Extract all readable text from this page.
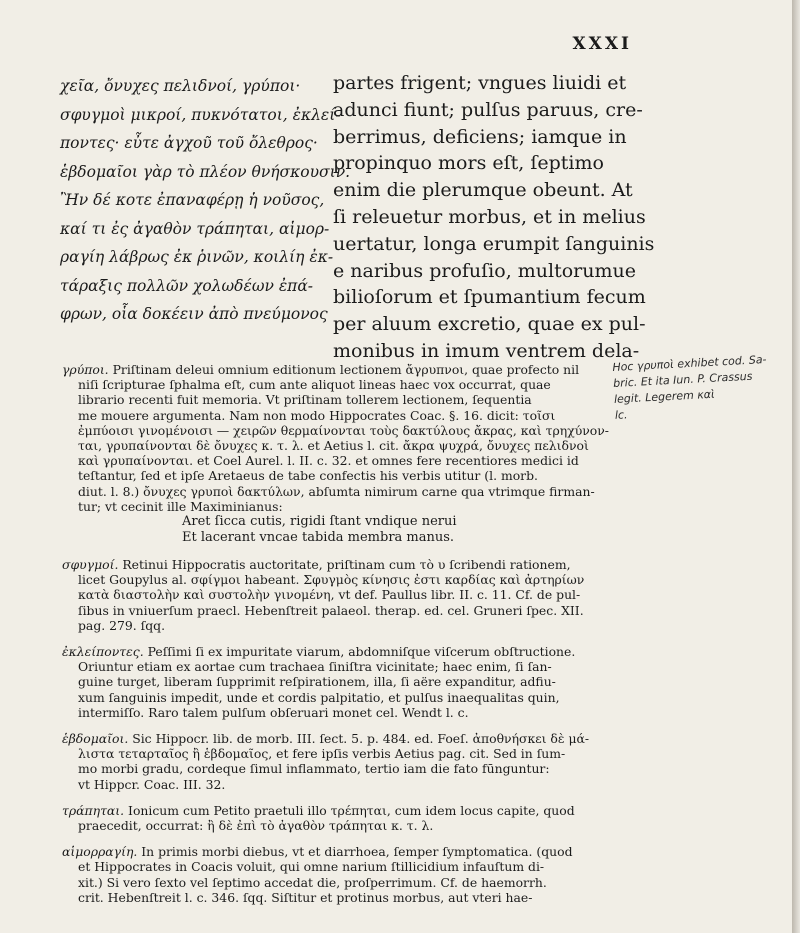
XXXI
χεῖα, ὄνυχες πελιδνοί, γρύποι·
σφυγμοὶ μικροί, πυκνότατοι, ἐκλεί-
ποντες· εὖτε ἀγχοῦ τοῦ ὄλεθρος·
ἑβδομαῖοι γὰρ τὸ πλέον θνήσκουσιν.
Ἢν δέ κοτε ἐπαναφέρῃ ἡ νοῦσος,
καί τι ἐς ἀγαθὸν τράπηται, αἱμορ-
ραγίη λάβρως ἐκ ῥινῶν, κοιλίη ἐκ-
τάραξις πολλῶν χολωδέων ἐπά-
φρων, οἷα δοκέειν ἀπὸ πνεύμονος
partes frigent; vngues liuidi et
adunci fiunt; pulſus paruus, cre-
berrimus, deficiens; iamque in
propinquo mors eſt, ſeptimo
enim die plerumque obeunt. At
ſi releuetur morbus, et in melius
uertatur, longa erumpit ſanguinis
e naribus profuſio, multorumue
bilioſorum et ſpumantium fecum
per aluum excretio, quae ex pul-
monibus in imum ventrem dela-
γρύποι. Priſtinam deleui omnium editionum lectionem ἄγρυπνοι, quae profecto nil
niſi ſcripturae ſphalma eſt, cum ante aliquot lineas haec vox occurrat, quae
librario recenti fuit memoria. Vt priſtinam tollerem lectionem, ſequentia
me mouere argumenta. Nam non modo Hippocrates Coac. §. 16. dicit: τοῖσι
ἐμπύοισι γινομένοισι — χειρῶν θερμαίνονται τοὺς δακτύλους ἄκρας, καὶ τρηχύνον-
ται, γρυπαίνονται δὲ ὄνυχες κ. τ. λ. et Aetius l. cit. ἄκρα ψυχρά, ὄνυχες πελιδνοὶ
καὶ γρυπαίνονται. et Coel Aurel. l. II. c. 32. et omnes fere recentiores medici id
teſtantur, ſed et ipſe Aretaeus de tabe confectis his verbis utitur (l. morb.
diut. l. 8.) ὄνυχες γρυποὶ δακτύλων, abſumta nimirum carne qua vtrimque firman-
tur; vt cecinit ille Maximinianus:
Aret ſicca cutis, rigidi ſtant vndique nerui
Et lacerant vncae tabida membra manus.
σφυγμοί. Retinui Hippocratis auctoritate, priſtinam cum τὸ υ ſcribendi rationem,
licet Goupylus al. σφίγμοι habeant. Σφυγμὸς κίνησις ἐστι καρδίας καὶ ἀρτηρίων
κατὰ διαστολὴν καὶ συστολὴν γινομένη, vt def. Paullus libr. II. c. 11. Cf. de pul-
ſibus in vniuerſum praecl. Hebenſtreit palaeol. therap. ed. cel. Gruneri ſpec. XII.
pag. 279. ſqq.
ἐκλείποντες. Peſſimi ſi ex impuritate viarum, abdomniſque viſcerum obſtructione.
Oriuntur etiam ex aortae cum trachaea ſiniſtra vicinitate; haec enim, ſi ſan-
guine turget, liberam ſupprimit reſpirationem, illa, ſi aëre expanditur, adfiu-
xum ſanguinis impedit, unde et cordis palpitatio, et pulſus inaequalitas quin,
intermiſſo. Raro talem pulſum obſeruari monet cel. Wendt l. c.
ἑβδομαῖοι. Sic Hippocr. lib. de morb. III. ſect. 5. p. 484. ed. Foeſ. ἀποθνήσκει δὲ μά-
λιστα τεταρταῖος ἢ ἑβδομαῖος, et fere ipſis verbis Aetius pag. cit. Sed in ſum-
mo morbi gradu, cordeque ſimul inflammato, tertio iam die fato fūnguntur:
vt Hippcr. Coac. III. 32.
τράπηται. Ionicum cum Petito praetuli illo τρέπηται, cum idem locus capite, quod
praecedit, occurrat: ἢ δὲ ἐπὶ τὸ ἀγαθὸν τράπηται κ. τ. λ.
αἱμορραγίη. In primis morbi diebus, vt et diarrhoea, ſemper ſymptomatica. (quod
et Hippocrates in Coacis voluit, qui omne narium ſtillicidium infauſtum di-
xit.) Si vero ſexto vel ſeptimo accedat die, proſperrimum. Cf. de haemorrh.
crit. Hebenſtreit l. c. 346. ſqq. Siſtitur et protinus morbus, aut vteri hae-
Hoc γρυποὶ exhibet cod. Sa-
bric. Et ita Iun. P. Crassus
legit. Legerem καὶ
lc.
